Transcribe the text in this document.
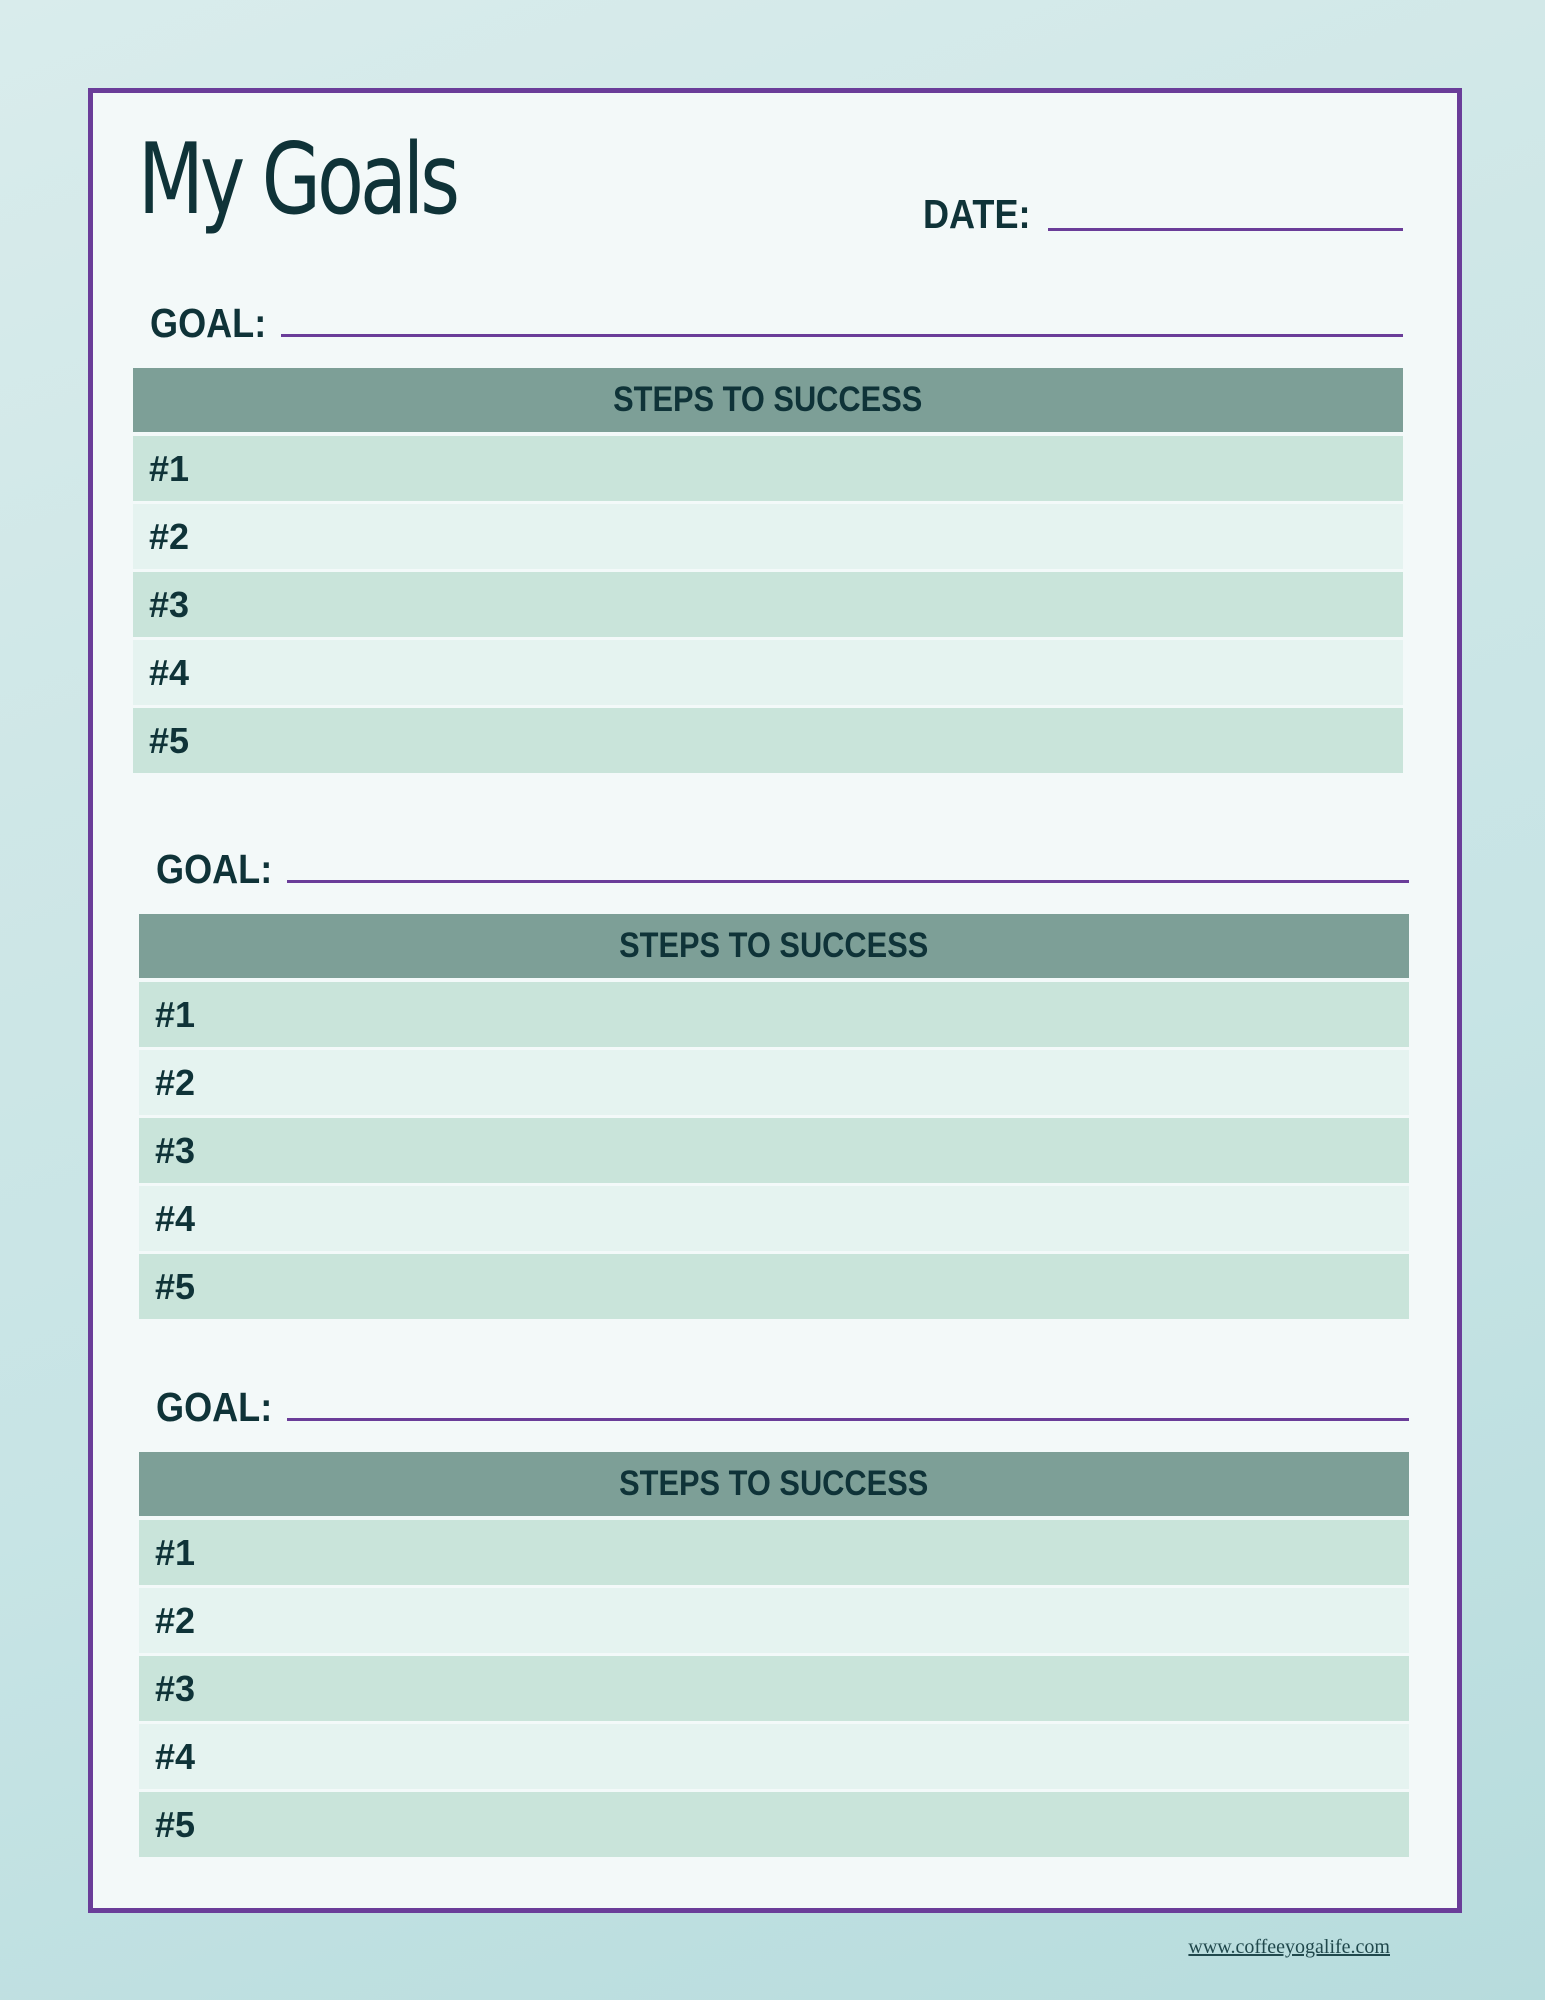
My Goals	DATE:
GOAL:
STEPS TO SUCCESS
#1
#2
#3
#4
#5
GOAL:
STEPS TO SUCCESS
#1
#2
#3
#4
#5
GOAL:
STEPS TO SUCCESS
#1
#2
#3
#4
#5
www.coffeeyogalife.com
